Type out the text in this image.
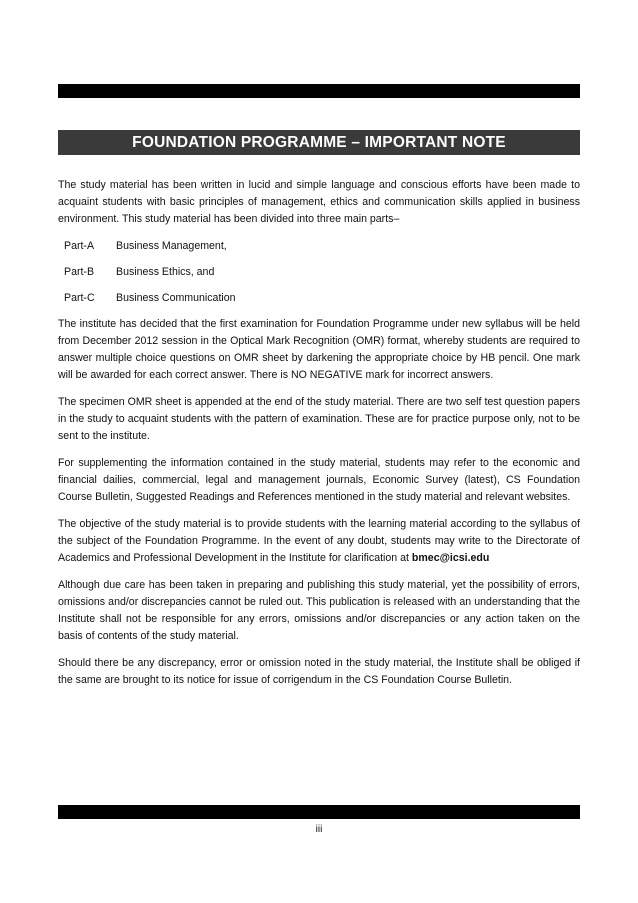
FOUNDATION PROGRAMME – IMPORTANT NOTE

The study material has been written in lucid and simple language and conscious efforts have been made to acquaint students with basic principles of management, ethics and communication skills applied in business environment. This study material has been divided into three main parts–

Part-A	Business Management,
Part-B	Business Ethics, and
Part-C	Business Communication

The institute has decided that the first examination for Foundation Programme under new syllabus will be held from December 2012 session in the Optical Mark Recognition (OMR) format, whereby students are required to answer multiple choice questions on OMR sheet by darkening the appropriate choice by HB pencil. One mark will be awarded for each correct answer. There is NO NEGATIVE mark for incorrect answers.

The specimen OMR sheet is appended at the end of the study material. There are two self test question papers in the study to acquaint students with the pattern of examination. These are for practice purpose only, not to be sent to the institute.

For supplementing the information contained in the study material, students may refer to the economic and financial dailies, commercial, legal and management journals, Economic Survey (latest), CS Foundation Course Bulletin, Suggested Readings and References mentioned in the study material and relevant websites.

The objective of the study material is to provide students with the learning material according to the syllabus of the subject of the Foundation Programme. In the event of any doubt, students may write to the Directorate of Academics and Professional Development in the Institute for clarification at bmec@icsi.edu

Although due care has been taken in preparing and publishing this study material, yet the possibility of errors, omissions and/or discrepancies cannot be ruled out. This publication is released with an understanding that the Institute shall not be responsible for any errors, omissions and/or discrepancies or any action taken on the basis of contents of the study material.

Should there be any discrepancy, error or omission noted in the study material, the Institute shall be obliged if the same are brought to its notice for issue of corrigendum in the CS Foundation Course Bulletin.

iii
